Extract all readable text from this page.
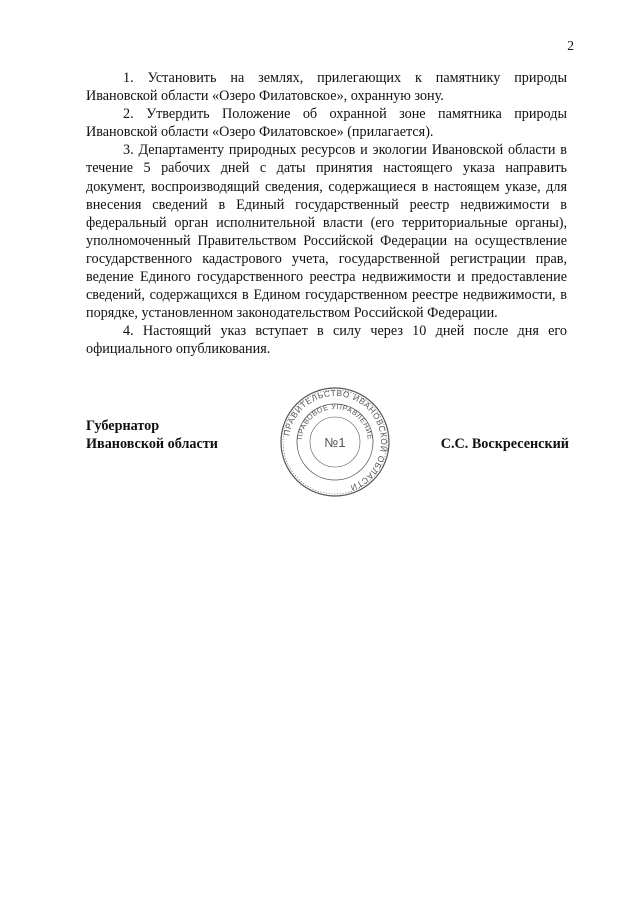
2

1. Установить на землях, прилегающих к памятнику природы Ивановской области «Озеро Филатовское», охранную зону.

2. Утвердить Положение об охранной зоне памятника природы Ивановской области «Озеро Филатовское» (прилагается).

3. Департаменту природных ресурсов и экологии Ивановской области в течение 5 рабочих дней с даты принятия настоящего указа направить документ, воспроизводящий сведения, содержащиеся в настоящем указе, для внесения сведений в Единый государственный реестр недвижимости в федеральный орган исполнительной власти (его территориальные органы), уполномоченный Правительством Российской Федерации на осуществление государственного кадастрового учета, государственной регистрации прав, ведение Единого государственного реестра недвижимости и предоставление сведений, содержащихся в Едином государственном реестре недвижимости, в порядке, установленном законодательством Российской Федерации.

4. Настоящий указ вступает в силу через 10 дней после дня его официального опубликования.

Губернатор
Ивановской области
ПРАВИТЕЛЬСТВО ИВАНОВСКОЙ ОБЛАСТИ
ПРАВОВОЕ УПРАВЛЕНИЕ
№1	С.С. Воскресенский
